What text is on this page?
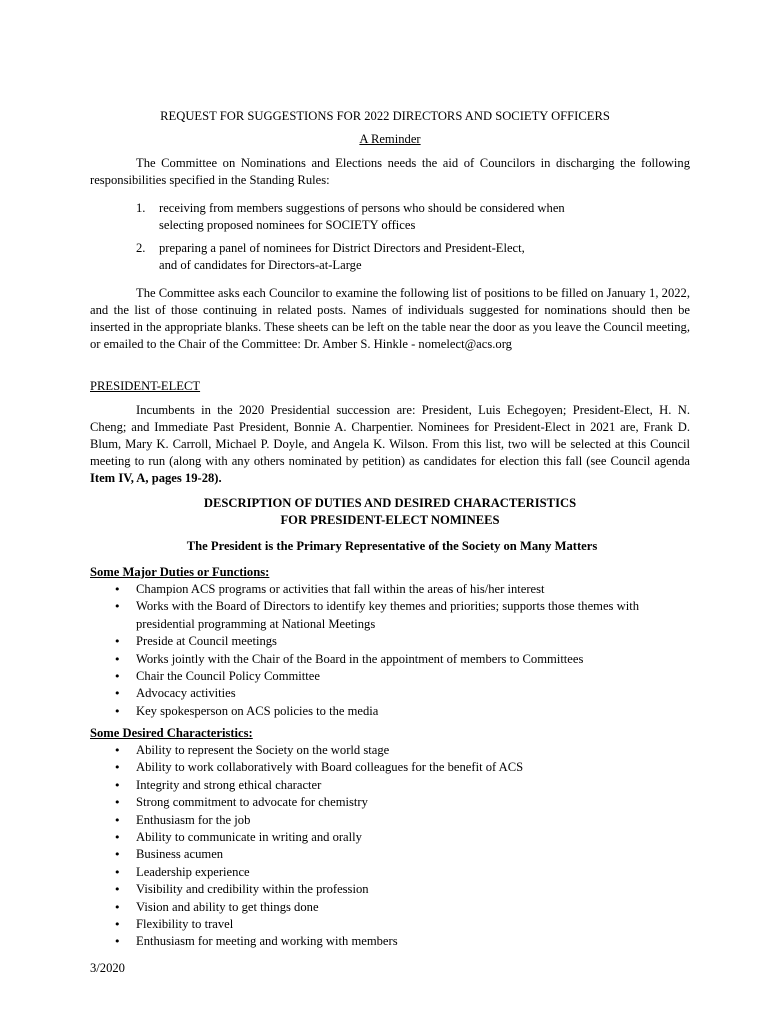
REQUEST FOR SUGGESTIONS FOR 2022 DIRECTORS AND SOCIETY OFFICERS
A Reminder

The Committee on Nominations and Elections needs the aid of Councilors in discharging the following responsibilities specified in the Standing Rules:

1. receiving from members suggestions of persons who should be considered when
selecting proposed nominees for SOCIETY offices
2. preparing a panel of nominees for District Directors and President-Elect,
and of candidates for Directors-at-Large

The Committee asks each Councilor to examine the following list of positions to be filled on January 1, 2022, and the list of those continuing in related posts. Names of individuals suggested for nominations should then be inserted in the appropriate blanks. These sheets can be left on the table near the door as you leave the Council meeting, or emailed to the Chair of the Committee: Dr. Amber S. Hinkle - nomelect@acs.org

PRESIDENT-ELECT

Incumbents in the 2020 Presidential succession are: President, Luis Echegoyen; President-Elect, H. N. Cheng; and Immediate Past President, Bonnie A. Charpentier. Nominees for President-Elect in 2021 are, Frank D. Blum, Mary K. Carroll, Michael P. Doyle, and Angela K. Wilson. From this list, two will be selected at this Council meeting to run (along with any others nominated by petition) as candidates for election this fall (see Council agenda Item IV, A, pages 19-28).

DESCRIPTION OF DUTIES AND DESIRED CHARACTERISTICS
FOR PRESIDENT-ELECT NOMINEES
The President is the Primary Representative of the Society on Many Matters
Some Major Duties or Functions:
• Champion ACS programs or activities that fall within the areas of his/her interest
• Works with the Board of Directors to identify key themes and priorities; supports those themes with presidential programming at National Meetings
• Preside at Council meetings
• Works jointly with the Chair of the Board in the appointment of members to Committees
• Chair the Council Policy Committee
• Advocacy activities
• Key spokesperson on ACS policies to the media
Some Desired Characteristics:
• Ability to represent the Society on the world stage
• Ability to work collaboratively with Board colleagues for the benefit of ACS
• Integrity and strong ethical character
• Strong commitment to advocate for chemistry
• Enthusiasm for the job
• Ability to communicate in writing and orally
• Business acumen
• Leadership experience
• Visibility and credibility within the profession
• Vision and ability to get things done
• Flexibility to travel
• Enthusiasm for meeting and working with members
3/2020
